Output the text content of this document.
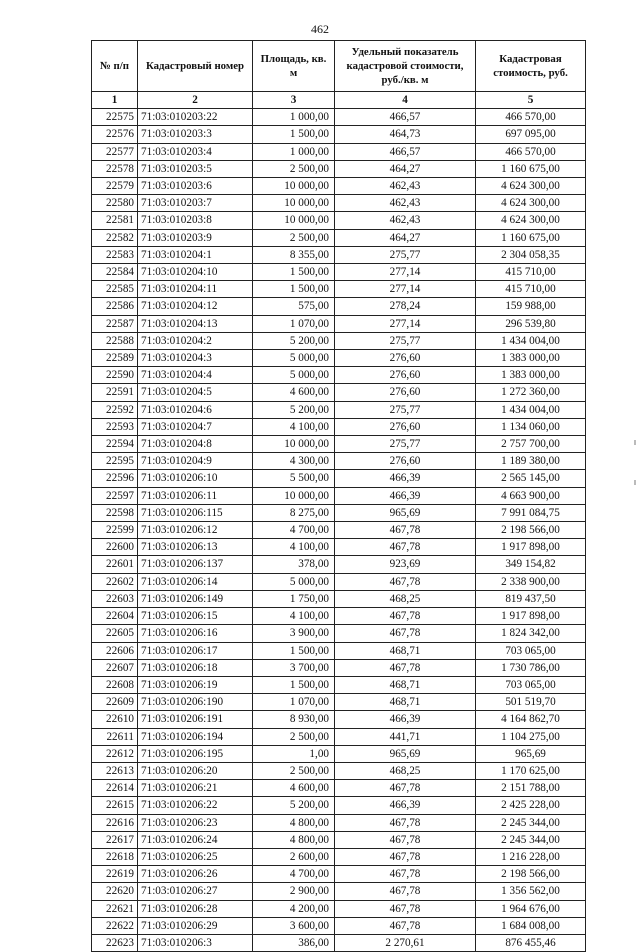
462
№ п/п	Кадастровый номер	Площадь, кв. м	Удельный показатель кадастровой стоимости, руб./кв. м	Кадастровая стоимость, руб.
1	2	3	4	5
22575	71:03:010203:22	1 000,00	466,57	466 570,00
22576	71:03:010203:3	1 500,00	464,73	697 095,00
22577	71:03:010203:4	1 000,00	466,57	466 570,00
22578	71:03:010203:5	2 500,00	464,27	1 160 675,00
22579	71:03:010203:6	10 000,00	462,43	4 624 300,00
22580	71:03:010203:7	10 000,00	462,43	4 624 300,00
22581	71:03:010203:8	10 000,00	462,43	4 624 300,00
22582	71:03:010203:9	2 500,00	464,27	1 160 675,00
22583	71:03:010204:1	8 355,00	275,77	2 304 058,35
22584	71:03:010204:10	1 500,00	277,14	415 710,00
22585	71:03:010204:11	1 500,00	277,14	415 710,00
22586	71:03:010204:12	575,00	278,24	159 988,00
22587	71:03:010204:13	1 070,00	277,14	296 539,80
22588	71:03:010204:2	5 200,00	275,77	1 434 004,00
22589	71:03:010204:3	5 000,00	276,60	1 383 000,00
22590	71:03:010204:4	5 000,00	276,60	1 383 000,00
22591	71:03:010204:5	4 600,00	276,60	1 272 360,00
22592	71:03:010204:6	5 200,00	275,77	1 434 004,00
22593	71:03:010204:7	4 100,00	276,60	1 134 060,00
22594	71:03:010204:8	10 000,00	275,77	2 757 700,00
22595	71:03:010204:9	4 300,00	276,60	1 189 380,00
22596	71:03:010206:10	5 500,00	466,39	2 565 145,00
22597	71:03:010206:11	10 000,00	466,39	4 663 900,00
22598	71:03:010206:115	8 275,00	965,69	7 991 084,75
22599	71:03:010206:12	4 700,00	467,78	2 198 566,00
22600	71:03:010206:13	4 100,00	467,78	1 917 898,00
22601	71:03:010206:137	378,00	923,69	349 154,82
22602	71:03:010206:14	5 000,00	467,78	2 338 900,00
22603	71:03:010206:149	1 750,00	468,25	819 437,50
22604	71:03:010206:15	4 100,00	467,78	1 917 898,00
22605	71:03:010206:16	3 900,00	467,78	1 824 342,00
22606	71:03:010206:17	1 500,00	468,71	703 065,00
22607	71:03:010206:18	3 700,00	467,78	1 730 786,00
22608	71:03:010206:19	1 500,00	468,71	703 065,00
22609	71:03:010206:190	1 070,00	468,71	501 519,70
22610	71:03:010206:191	8 930,00	466,39	4 164 862,70
22611	71:03:010206:194	2 500,00	441,71	1 104 275,00
22612	71:03:010206:195	1,00	965,69	965,69
22613	71:03:010206:20	2 500,00	468,25	1 170 625,00
22614	71:03:010206:21	4 600,00	467,78	2 151 788,00
22615	71:03:010206:22	5 200,00	466,39	2 425 228,00
22616	71:03:010206:23	4 800,00	467,78	2 245 344,00
22617	71:03:010206:24	4 800,00	467,78	2 245 344,00
22618	71:03:010206:25	2 600,00	467,78	1 216 228,00
22619	71:03:010206:26	4 700,00	467,78	2 198 566,00
22620	71:03:010206:27	2 900,00	467,78	1 356 562,00
22621	71:03:010206:28	4 200,00	467,78	1 964 676,00
22622	71:03:010206:29	3 600,00	467,78	1 684 008,00
22623	71:03:010206:3	386,00	2 270,61	876 455,46
